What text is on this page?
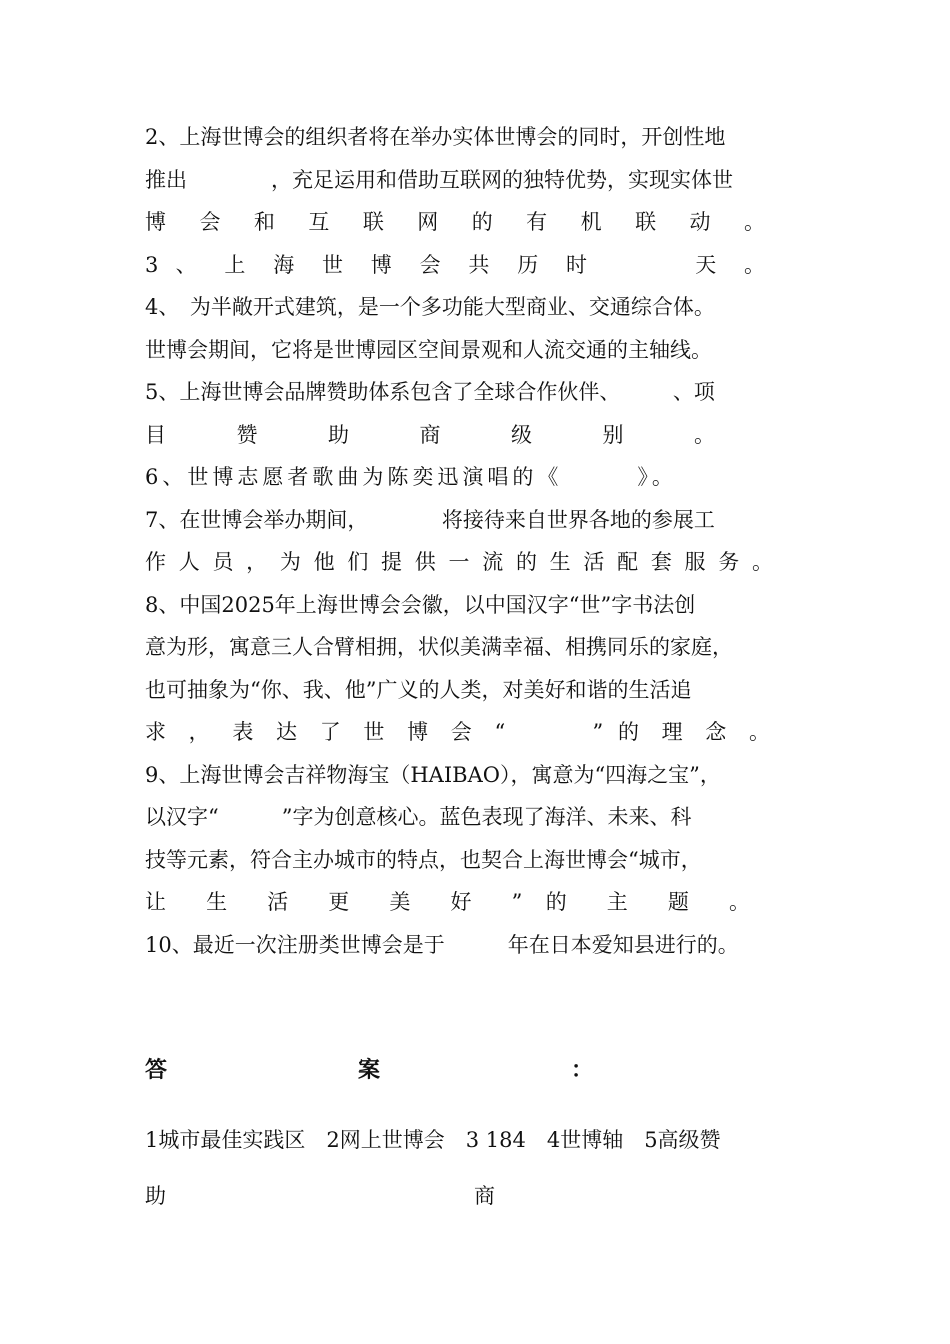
2、上海世博会的组织者将在举办实体世博会的同时，开创性地
推出　　　　，充足运用和借助互联网的独特优势，实现实体世
博 会 和 互 联 网 的 有 机 联 动 。
3 、 上 海 世 博 会 共 历 时 　　 天 。
4、　为半敞开式建筑，是一个多功能大型商业、交通综合体。
世博会期间，它将是世博园区空间景观和人流交通的主轴线。
5、上海世博会品牌赞助体系包含了全球合作伙伴、　　　、项
目 赞 助 商 级 别 。
6、世博志愿者歌曲为陈奕迅演唱的《　　　》。
7、在世博会举办期间，　　　　将接待来自世界各地的参展工
作人员，为他们提供一流的生活配套服务。
8、中国2025年上海世博会会徽，以中国汉字“世”字书法创
意为形，寓意三人合臂相拥，状似美满幸福、相携同乐的家庭，
也可抽象为“你、我、他”广义的人类，对美好和谐的生活追
求 ， 表 达 了 世 博 会 “ 　　 ” 的 理 念 。
9、上海世博会吉祥物海宝（HAIBAO），寓意为“四海之宝”，
以汉字“　　　”字为创意核心。蓝色表现了海洋、未来、科
技等元素，符合主办城市的特点，也契合上海世博会“城市，
让 生 活 更 美 好 ” 的 主 题 。
10、最近一次注册类世博会是于　　　年在日本爱知县进行的。
答 案 ：
1城市最佳实践区　2网上世博会　3 184　4世博轴　5高级赞
助 商
